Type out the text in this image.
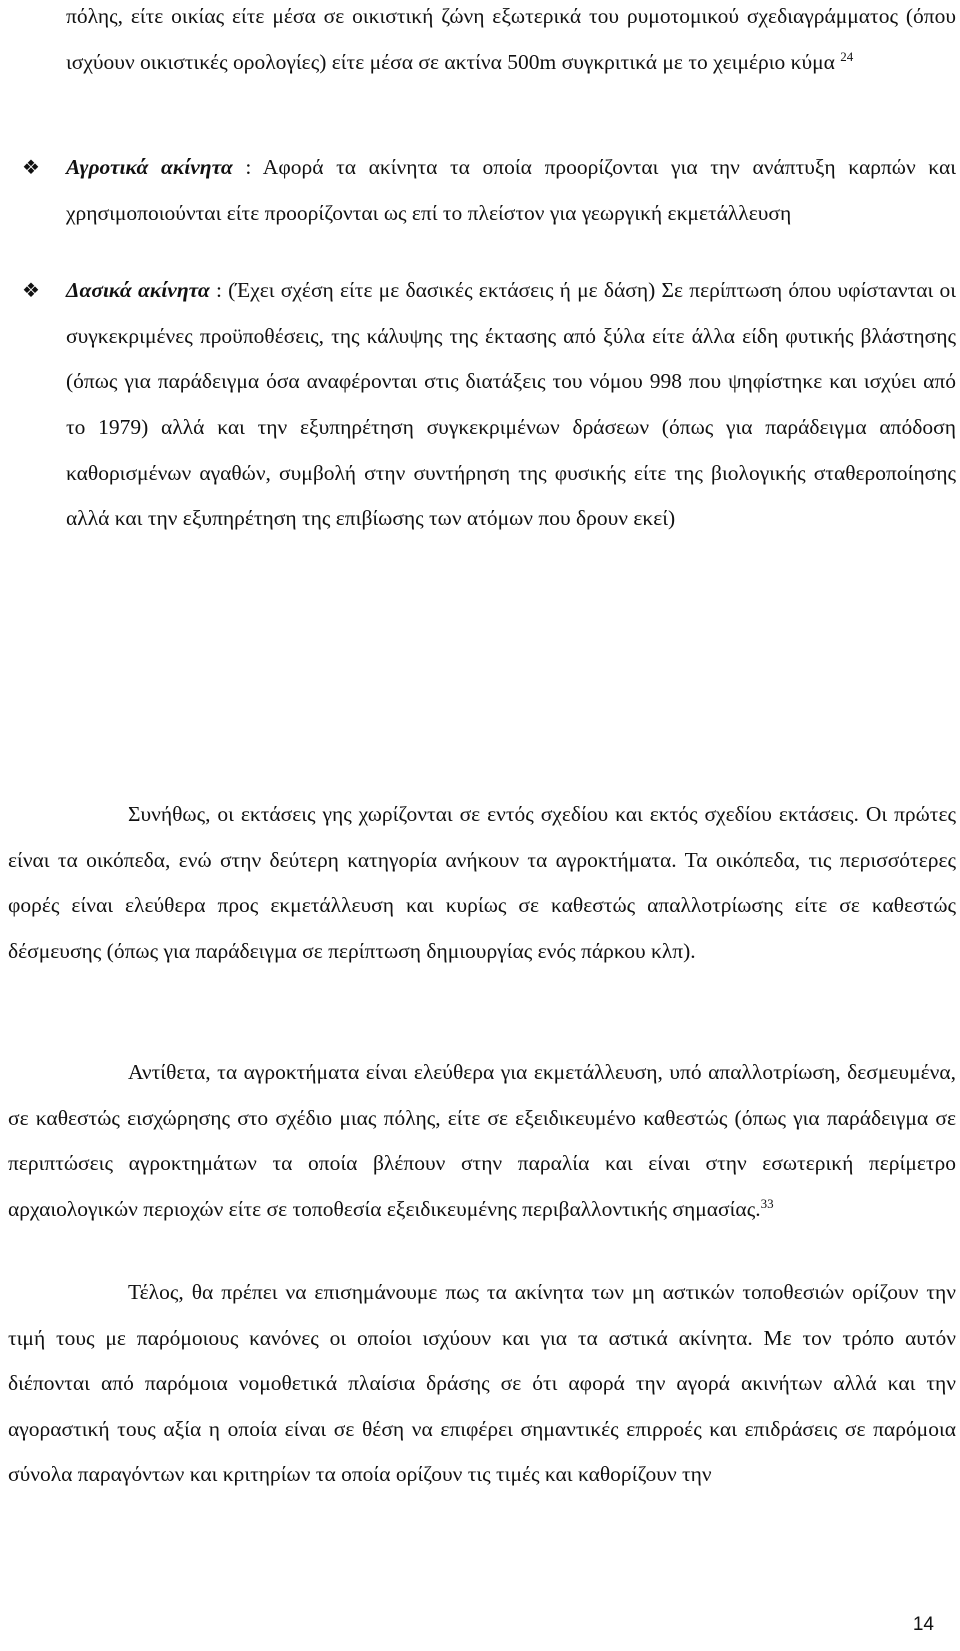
πόλης, είτε οικίας είτε μέσα σε οικιστική ζώνη εξωτερικά του ρυμοτομικού σχεδιαγράμματος (όπου ισχύουν οικιστικές ορολογίες) είτε μέσα σε ακτίνα 500m συγκριτικά με το χειμέριο κύμα $^{24}$

❖ Αγροτικά ακίνητα : Αφορά τα ακίνητα τα οποία προορίζονται για την ανάπτυξη καρπών και χρησιμοποιούνται είτε προορίζονται ως επί το πλείστον για γεωργική εκμετάλλευση
❖ Δασικά ακίνητα : (Έχει σχέση είτε με δασικές εκτάσεις ή με δάση) Σε περίπτωση όπου υφίστανται οι συγκεκριμένες προϋποθέσεις, της κάλυψης της έκτασης από ξύλα είτε άλλα είδη φυτικής βλάστησης (όπως για παράδειγμα όσα αναφέρονται στις διατάξεις του νόμου 998 που ψηφίστηκε και ισχύει από το 1979) αλλά και την εξυπηρέτηση συγκεκριμένων δράσεων (όπως για παράδειγμα απόδοση καθορισμένων αγαθών, συμβολή στην συντήρηση της φυσικής είτε της βιολογικής σταθεροποίησης αλλά και την εξυπηρέτηση της επιβίωσης των ατόμων που δρουν εκεί)

Συνήθως, οι εκτάσεις γης χωρίζονται σε εντός σχεδίου και εκτός σχεδίου εκτάσεις. Οι πρώτες είναι τα οικόπεδα, ενώ στην δεύτερη κατηγορία ανήκουν τα αγροκτήματα. Τα οικόπεδα, τις περισσότερες φορές είναι ελεύθερα προς εκμετάλλευση και κυρίως σε καθεστώς απαλλοτρίωσης είτε σε καθεστώς δέσμευσης (όπως για παράδειγμα σε περίπτωση δημιουργίας ενός πάρκου κλπ).

Αντίθετα, τα αγροκτήματα είναι ελεύθερα για εκμετάλλευση, υπό απαλλοτρίωση, δεσμευμένα, σε καθεστώς εισχώρησης στο σχέδιο μιας πόλης, είτε σε εξειδικευμένο καθεστώς (όπως για παράδειγμα σε περιπτώσεις αγροκτημάτων τα οποία βλέπουν στην παραλία και είναι στην εσωτερική περίμετρο αρχαιολογικών περιοχών είτε σε τοποθεσία εξειδικευμένης περιβαλλοντικής σημασίας.$^{33}$

Τέλος, θα πρέπει να επισημάνουμε πως τα ακίνητα των μη αστικών τοποθεσιών ορίζουν την τιμή τους με παρόμοιους κανόνες οι οποίοι ισχύουν και για τα αστικά ακίνητα. Με τον τρόπο αυτόν διέπονται από παρόμοια νομοθετικά πλαίσια δράσης σε ότι αφορά την αγορά ακινήτων αλλά και την αγοραστική τους αξία η οποία είναι σε θέση να επιφέρει σημαντικές επιρροές και επιδράσεις σε παρόμοια σύνολα παραγόντων και κριτηρίων τα οποία ορίζουν τις τιμές και καθορίζουν την

14
